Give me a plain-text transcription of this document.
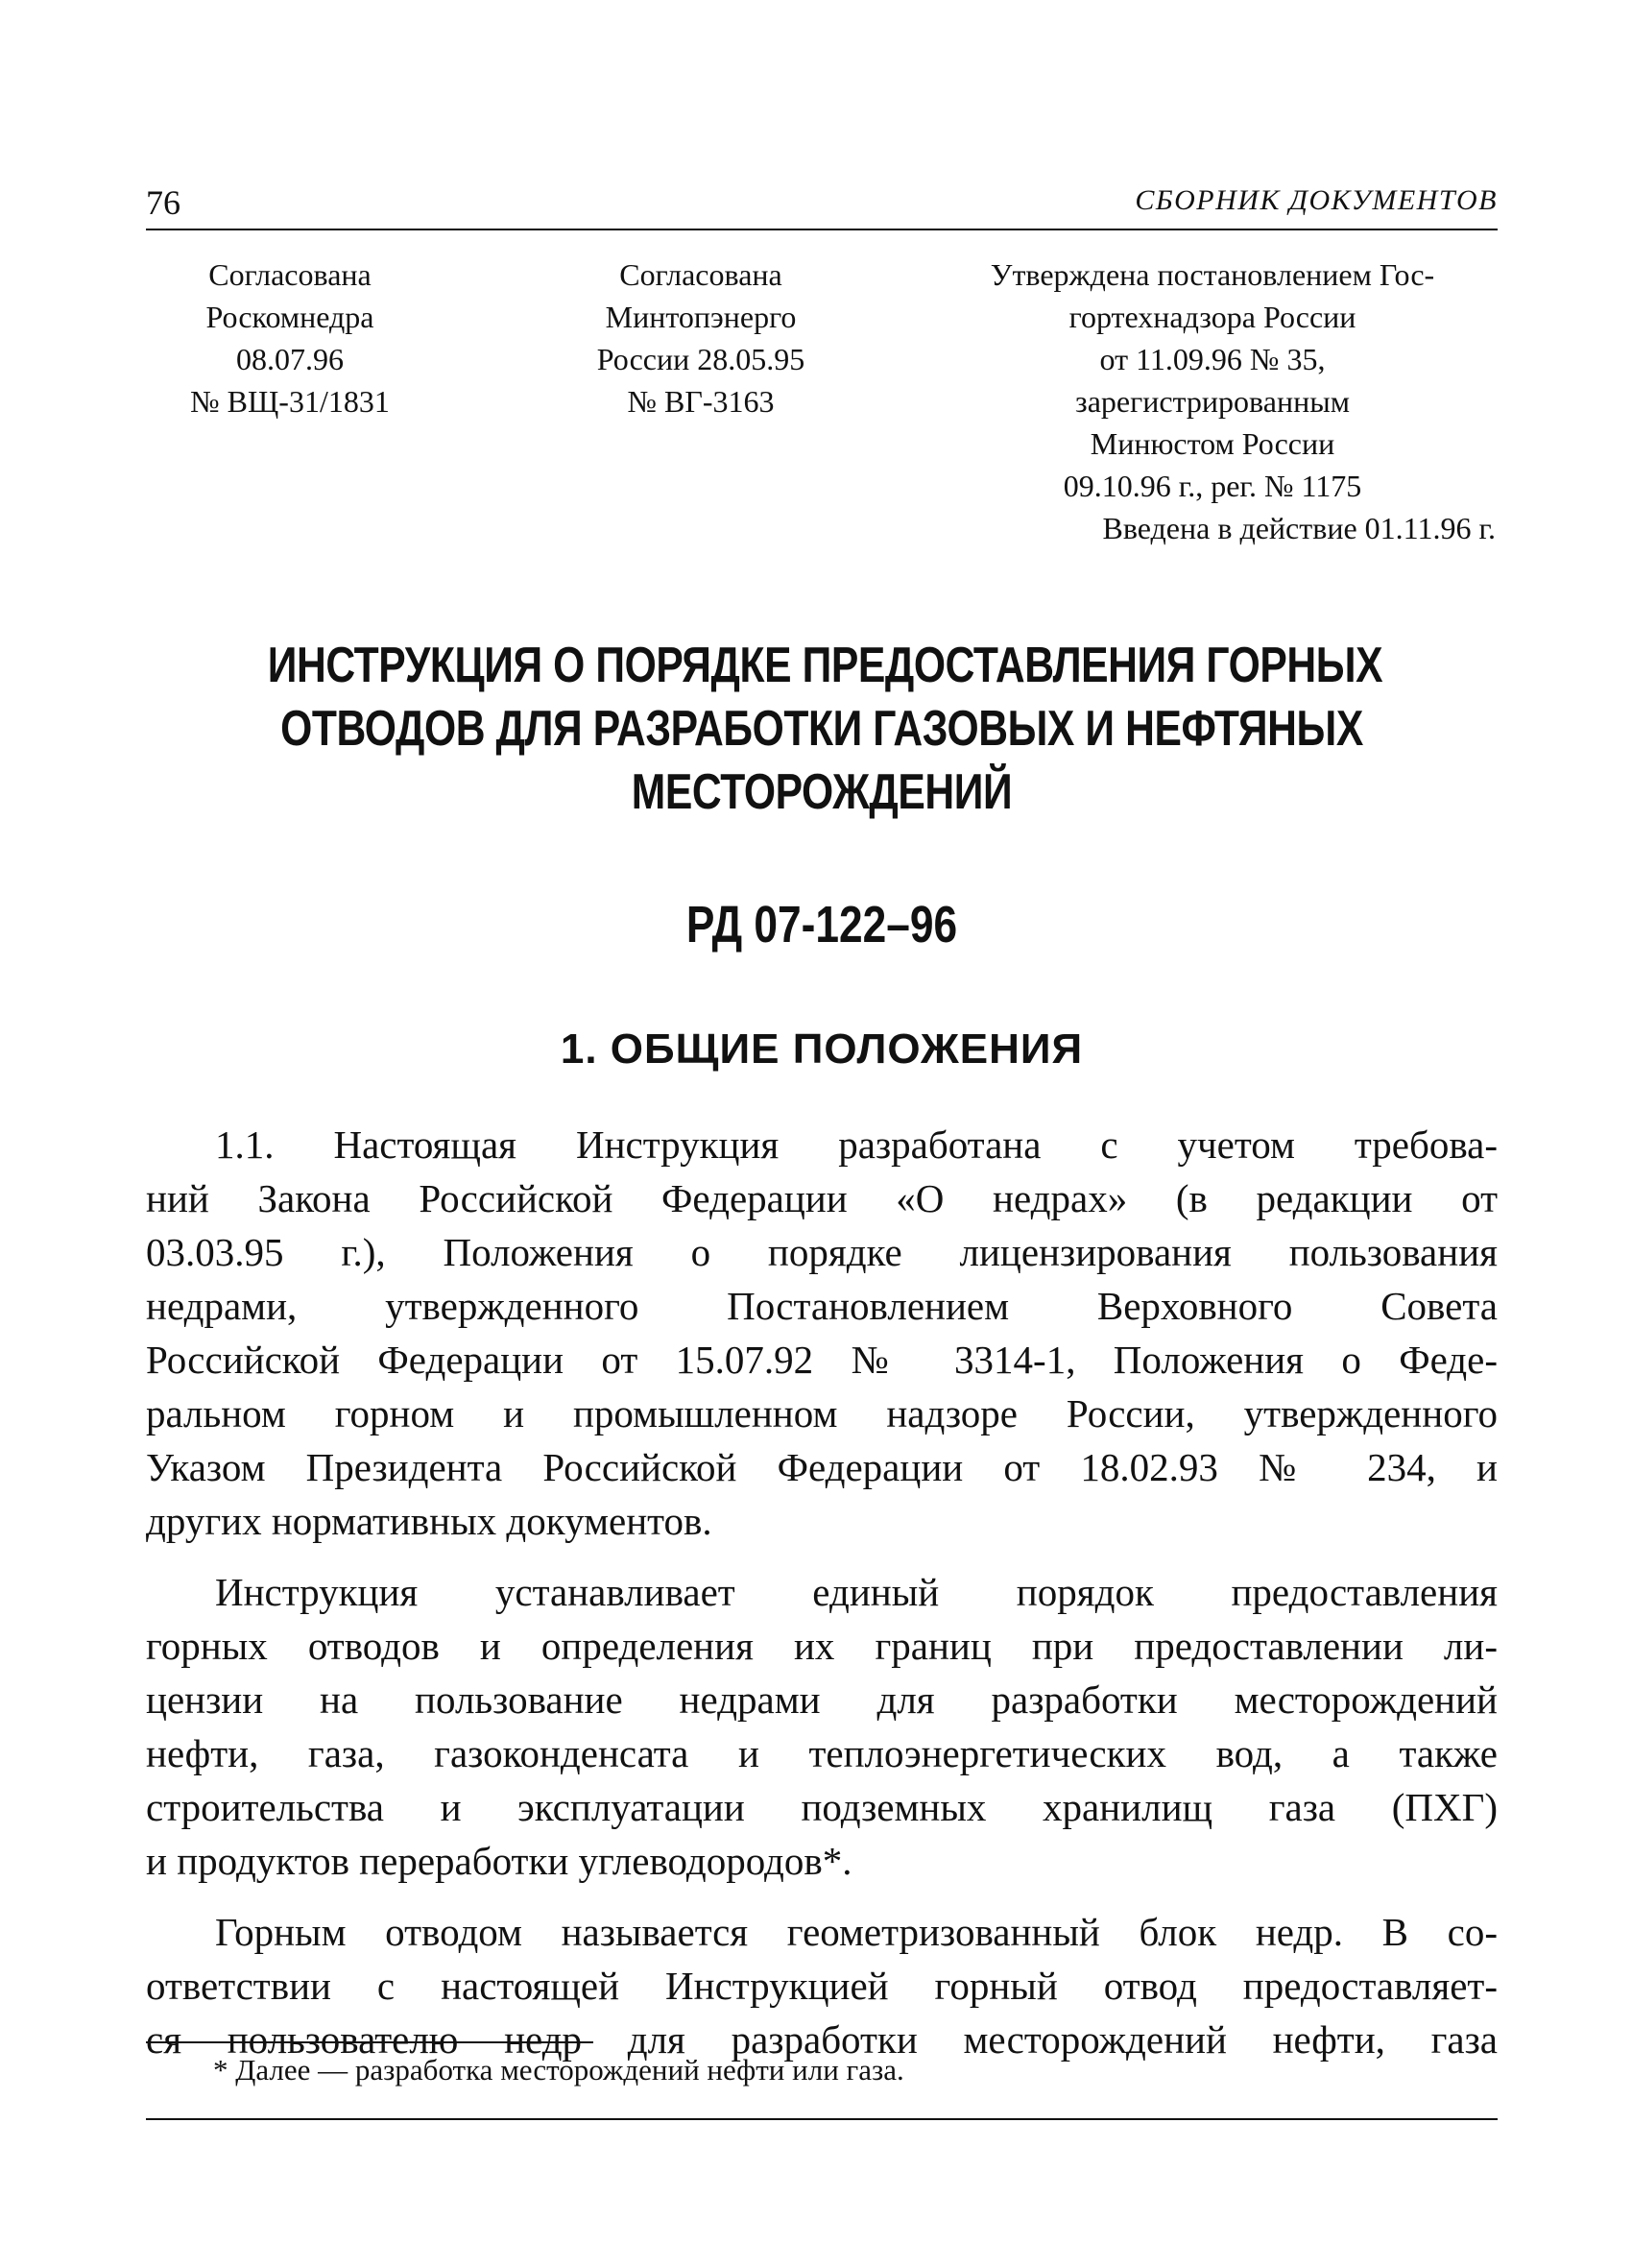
76	СБОРНИК ДОКУМЕНТОВ
Согласована
Роскомнедра
08.07.96
№ ВЩ-31/1831
Согласована
Минтопэнерго
России 28.05.95
№ ВГ-3163
Утверждена постановлением Гос-
гортехнадзора России
от 11.09.96 № 35,
зарегистрированным
Минюстом России
09.10.96 г., рег. № 1175
Введена в действие 01.11.96 г.
ИНСТРУКЦИЯ О ПОРЯДКЕ ПРЕДОСТАВЛЕНИЯ ГОРНЫХ
ОТВОДОВ ДЛЯ РАЗРАБОТКИ ГАЗОВЫХ И НЕФТЯНЫХ
МЕСТОРОЖДЕНИЙ
РД 07-122–96
1. ОБЩИЕ ПОЛОЖЕНИЯ
1.1. Настоящая Инструкция разработана с учетом требова-
ний Закона Российской Федерации «О недрах» (в редакции от
03.03.95 г.), Положения о порядке лицензирования пользования
недрами, утвержденного Постановлением Верховного Совета
Российской Федерации от 15.07.92 № 3314-1, Положения о Феде-
ральном горном и промышленном надзоре России, утвержденного
Указом Президента Российской Федерации от 18.02.93 № 234, и
других нормативных документов.
Инструкция устанавливает единый порядок предоставления
горных отводов и определения их границ при предоставлении ли-
цензии на пользование недрами для разработки месторождений
нефти, газа, газоконденсата и теплоэнергетических вод, а также
строительства и эксплуатации подземных хранилищ газа (ПХГ)
и продуктов переработки углеводородов*.
Горным отводом называется геометризованный блок недр. В со-
ответствии с настоящей Инструкцией горный отвод предоставляет-
ся пользователю недр для разработки месторождений нефти, газа
* Далее — разработка месторождений нефти или газа.
